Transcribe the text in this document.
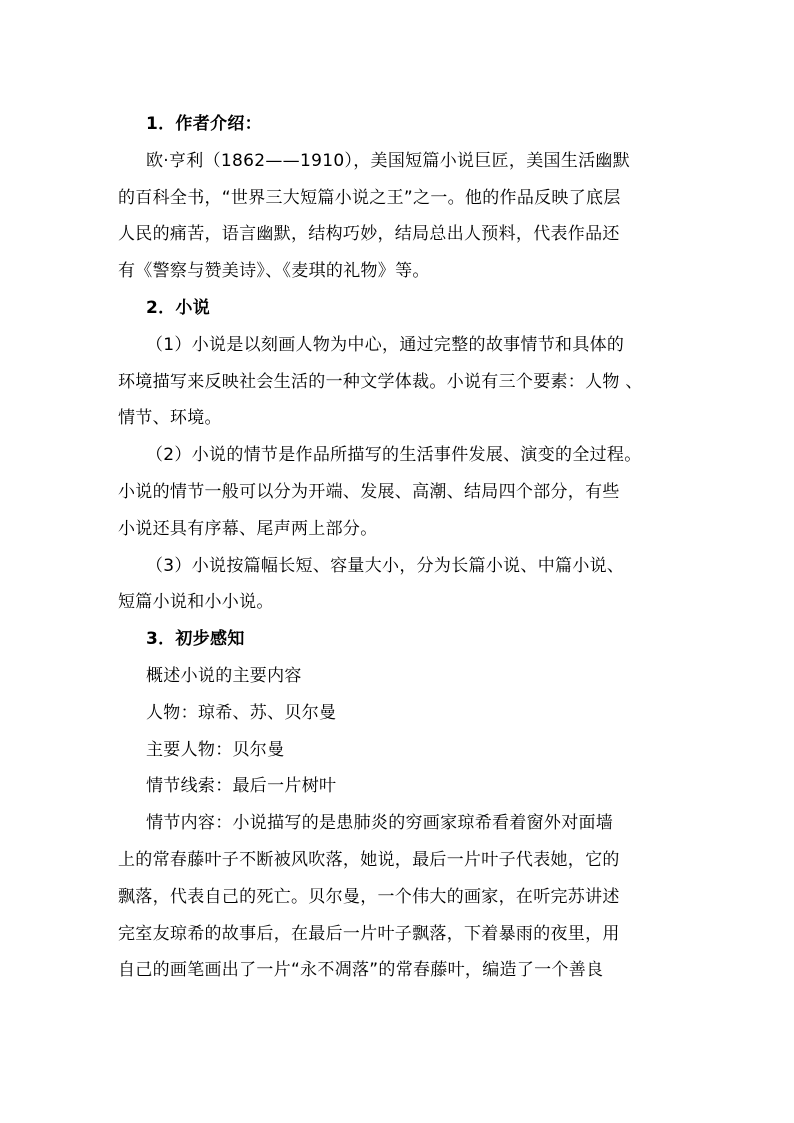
1．作者介绍：
欧·亨利（1862——1910），美国短篇小说巨匠，美国生活幽默
的百科全书，“世界三大短篇小说之王”之一。他的作品反映了底层
人民的痛苦，语言幽默，结构巧妙，结局总出人预料，代表作品还
有《警察与赞美诗》、《麦琪的礼物》等。
2．小说
（1）小说是以刻画人物为中心，通过完整的故事情节和具体的
环境描写来反映社会生活的一种文学体裁。小说有三个要素：人物 、
情节、环境。
（2）小说的情节是作品所描写的生活事件发展、演变的全过程。
小说的情节一般可以分为开端、发展、高潮、结局四个部分，有些
小说还具有序幕、尾声两上部分。
（3）小说按篇幅长短、容量大小，分为长篇小说、中篇小说、
短篇小说和小小说。
3．初步感知
概述小说的主要内容
人物：琼希、苏、贝尔曼
主要人物：贝尔曼
情节线索：最后一片树叶
情节内容：小说描写的是患肺炎的穷画家琼希看着窗外对面墙
上的常春藤叶子不断被风吹落，她说，最后一片叶子代表她，它的
飘落，代表自己的死亡。贝尔曼，一个伟大的画家，在听完苏讲述
完室友琼希的故事后，在最后一片叶子飘落，下着暴雨的夜里，用
自己的画笔画出了一片“永不凋落”的常春藤叶，编造了一个善良
